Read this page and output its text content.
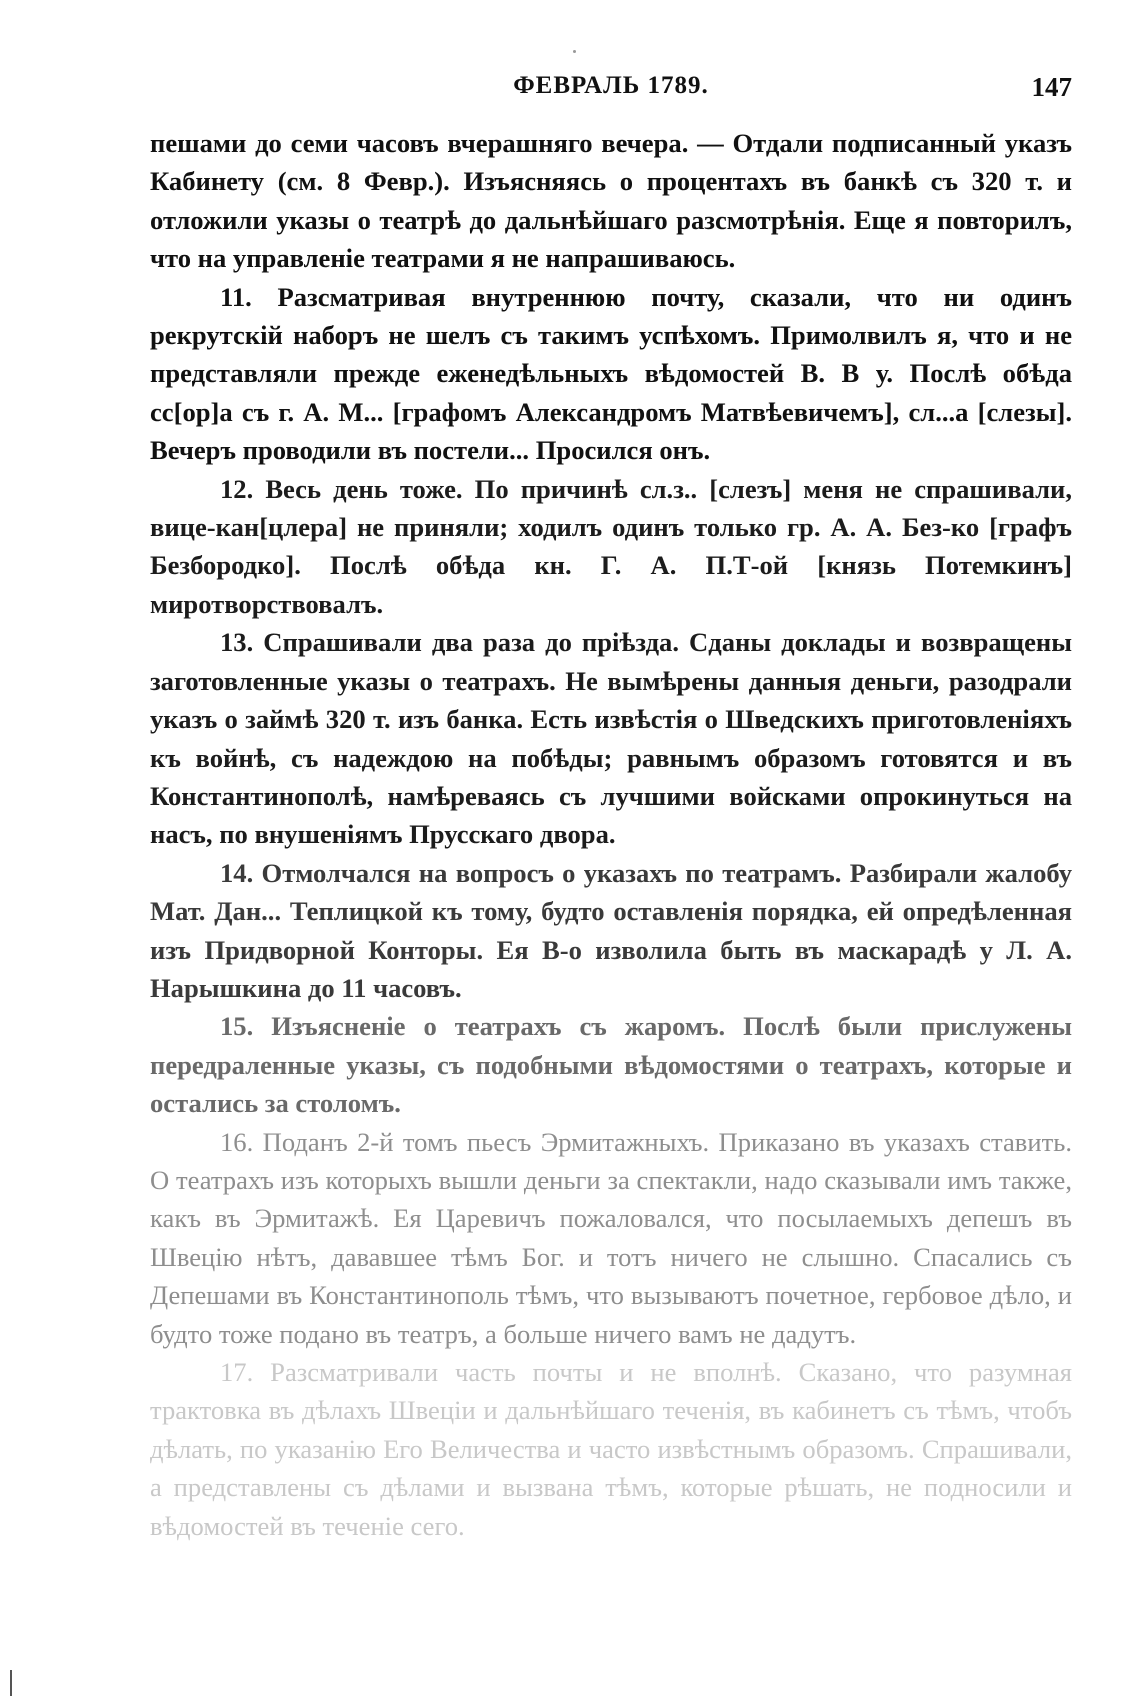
ФЕВРАЛЬ 1789.	147

пешами до семи часовъ вчерашняго вечера. — Отдали подписанный указъ Кабинету (см. 8 Февр.). Изъясняясь о процентахъ въ банкѣ съ 320 т. и отложили указы о театрѣ до дальнѣйшаго разсмотрѣнія. Еще я повторилъ, что на управленіе театрами я не напрашиваюсь.

11. Разсматривая внутреннюю почту, сказали, что ни одинъ рекрутскій наборъ не шелъ съ такимъ успѣхомъ. Примолвилъ я, что и не представляли прежде еженедѣльныхъ вѣдомостей В. В у. Послѣ обѣда сс[ор]а съ г. А. М... [графомъ Александромъ Матвѣевичемъ], сл...а [слезы]. Вечеръ проводили въ постели... Просился онъ.

12. Весь день тоже. По причинѣ сл.з.. [слезъ] меня не спрашивали, вице-кан[цлера] не приняли; ходилъ одинъ только гр. А. А. Без-ко [графъ Безбородко]. Послѣ обѣда кн. Г. А. П.Т-ой [князь Потемкинъ] миротворствовалъ.

13. Спрашивали два раза до пріѣзда. Сданы доклады и возвращены заготовленные указы о театрахъ. Не вымѣрены данныя деньги, разодрали указъ о займѣ 320 т. изъ банка. Есть извѣстія о Шведскихъ приготовленіяхъ къ войнѣ, съ надеждою на побѣды; равнымъ образомъ готовятся и въ Константинополѣ, намѣреваясь съ лучшими войсками опрокинуться на насъ, по внушеніямъ Прусскаго двора.

14. Отмолчался на вопросъ о указахъ по театрамъ. Разбирали жалобу Мат. Дан... Теплицкой къ тому, будто оставленія порядка, ей опредѣленная изъ Придворной Конторы. Ея В-о изволила быть въ маскарадѣ у Л. А. Нарышкина до 11 часовъ.

15. Изъясненіе о театрахъ съ жаромъ. Послѣ были прислужены передраленные указы, съ подобными вѣдомостями о театрахъ, которые и остались за столомъ.

16. Поданъ 2-й томъ пьесъ Эрмитажныхъ. Приказано въ указахъ ставить. О театрахъ изъ которыхъ вышли деньги за спектакли, надо сказывали имъ также, какъ въ Эрмитажѣ. Ея Царевичъ пожаловался, что посылаемыхъ депешъ въ Швецію нѣтъ, дававшее тѣмъ Бог. и тотъ ничего не слышно. Спасались съ Депешами въ Константинополь тѣмъ, что вызываютъ почетное, гербовое дѣло, и будто тоже подано въ театръ, а больше ничего вамъ не дадутъ.

17. Разсматривали часть почты и не вполнѣ. Сказано, что разумная трактовка въ дѣлахъ Швеціи и дальнѣйшаго теченія, въ кабинетъ съ тѣмъ, чтобъ дѣлать, по указанію Его Величества и часто извѣстнымъ образомъ. Спрашивали, а представлены съ дѣлами и вызвана тѣмъ, которые рѣшать, не подносили и вѣдомостей въ теченіе сего.
